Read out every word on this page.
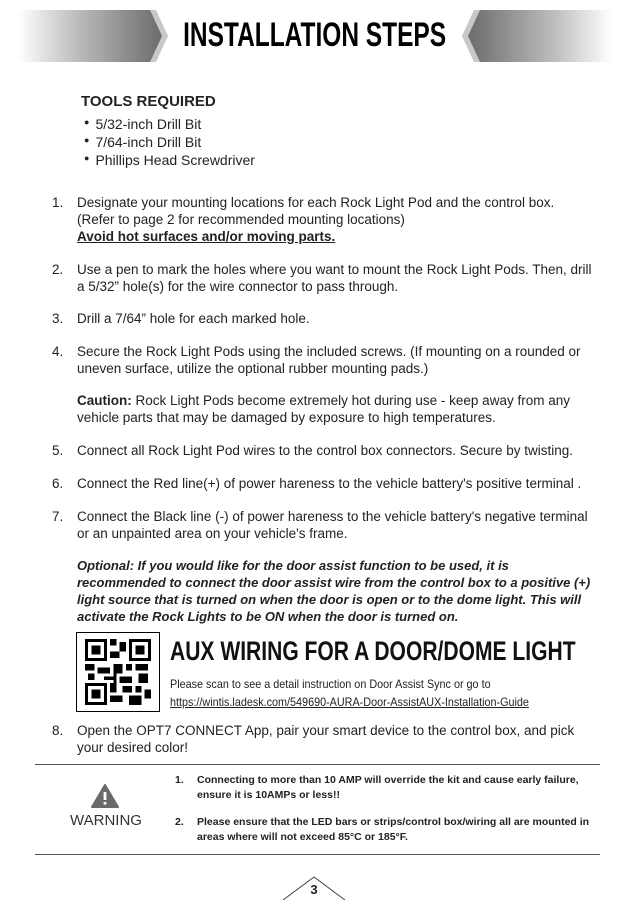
INSTALLATION STEPS
TOOLS REQUIRED
● 5/32-inch Drill Bit
● 7/64-inch Drill Bit
● Phillips Head Screwdriver
1. Designate your mounting locations for each Rock Light Pod and the control box.
(Refer to page 2 for recommended mounting locations)
Avoid hot surfaces and/or moving parts.
2. Use a pen to mark the holes where you want to mount the Rock Light Pods. Then, drill a 5/32” hole(s) for the wire connector to pass through.
3. Drill a 7/64” hole for each marked hole.
4. Secure the Rock Light Pods using the included screws. (If mounting on a rounded or uneven surface, utilize the optional rubber mounting pads.)
Caution: Rock Light Pods become extremely hot during use - keep away from any vehicle parts that may be damaged by exposure to high temperatures.
5. Connect all Rock Light Pod wires to the control box connectors. Secure by twisting.
6. Connect the Red line(+) of power hareness to the vehicle battery's positive terminal .
7. Connect the Black line (-) of power hareness to the vehicle battery's negative terminal or an unpainted area on your vehicle's frame.
Optional: If you would like for the door assist function to be used, it is recommended to connect the door assist wire from the control box to a positive (+) light source that is turned on when the door is open or to the dome light. This will activate the Rock Lights to be ON when the door is turned on.
AUX WIRING FOR A DOOR/DOME LIGHT
Please scan to see a detail instruction on Door Assist Sync or go to
https://wintis.ladesk.com/549690-AURA-Door-AssistAUX-Installation-Guide
8. Open the OPT7 CONNECT App, pair your smart device to the control box, and pick your desired color!
WARNING
1. Connecting to more than 10 AMP will override the kit and cause early failure, ensure it is 10AMPs or less!!
2. Please ensure that the LED bars or strips/control box/wiring all are mounted in areas where will not exceed 85°C or 185°F.
3
